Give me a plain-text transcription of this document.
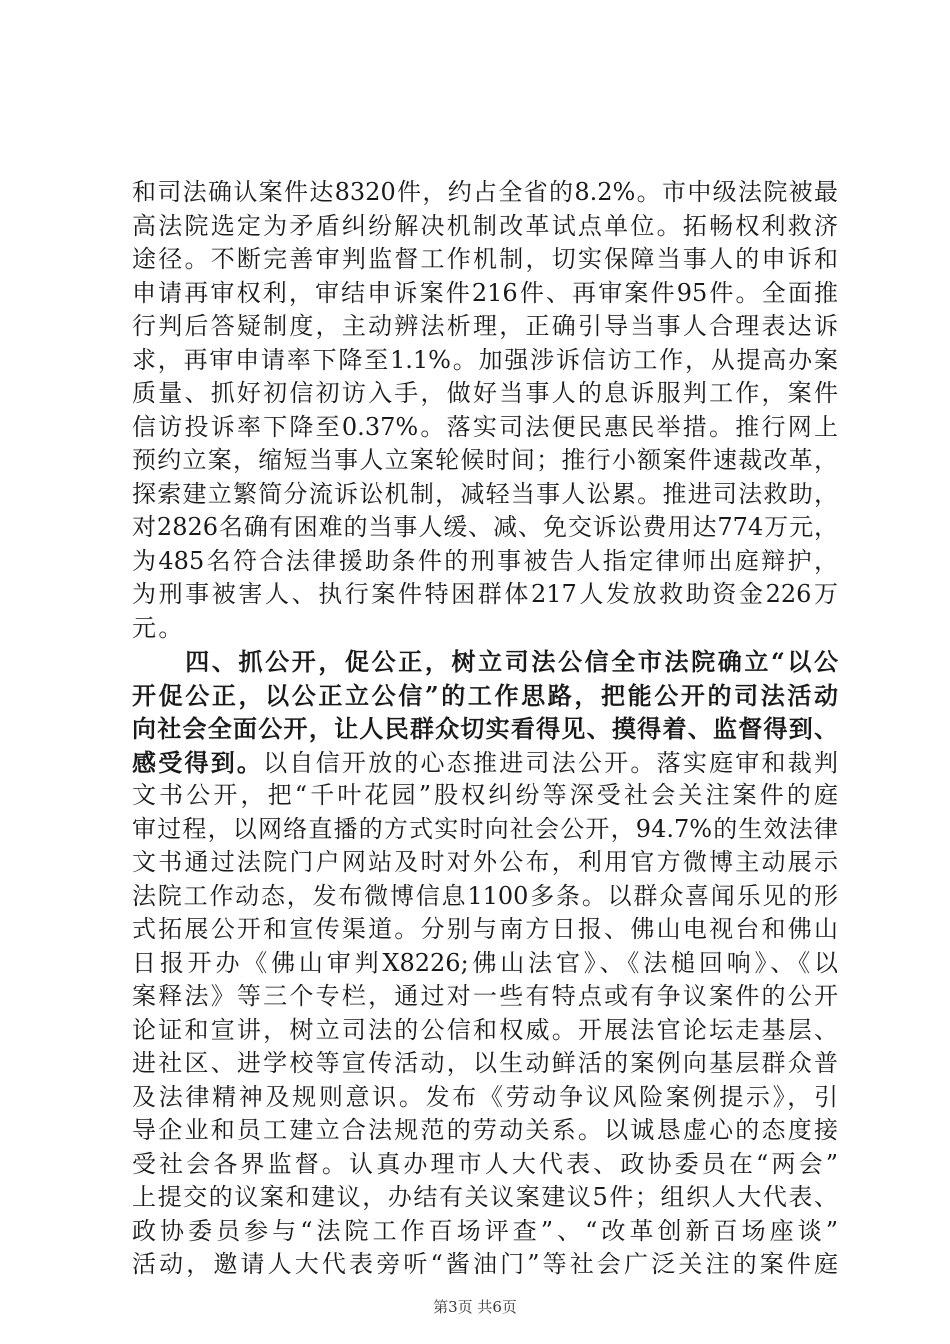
和司法确认案件达8320件，约占全省的8.2%。市中级法院被最
高法院选定为矛盾纠纷解决机制改革试点单位。拓畅权利救济
途径。不断完善审判监督工作机制，切实保障当事人的申诉和
申请再审权利，审结申诉案件216件、再审案件95件。全面推
行判后答疑制度，主动辨法析理，正确引导当事人合理表达诉
求，再审申请率下降至1.1%。加强涉诉信访工作，从提高办案
质量、抓好初信初访入手，做好当事人的息诉服判工作，案件
信访投诉率下降至0.37%。落实司法便民惠民举措。推行网上
预约立案，缩短当事人立案轮候时间；推行小额案件速裁改革，
探索建立繁简分流诉讼机制，减轻当事人讼累。推进司法救助，
对2826名确有困难的当事人缓、减、免交诉讼费用达774万元，
为485名符合法律援助条件的刑事被告人指定律师出庭辩护，
为刑事被害人、执行案件特困群体217人发放救助资金226万
元。
　　四、抓公开，促公正，树立司法公信全市法院确立“以公
开促公正，以公正立公信”的工作思路，把能公开的司法活动
向社会全面公开，让人民群众切实看得见、摸得着、监督得到、
感受得到。以自信开放的心态推进司法公开。落实庭审和裁判
文书公开，把“千叶花园”股权纠纷等深受社会关注案件的庭
审过程，以网络直播的方式实时向社会公开，94.7%的生效法律
文书通过法院门户网站及时对外公布，利用官方微博主动展示
法院工作动态，发布微博信息1100多条。以群众喜闻乐见的形
式拓展公开和宣传渠道。分别与南方日报、佛山电视台和佛山
日报开办《佛山审判X8226;佛山法官》、《法槌回响》、《以
案释法》等三个专栏，通过对一些有特点或有争议案件的公开
论证和宣讲，树立司法的公信和权威。开展法官论坛走基层、
进社区、进学校等宣传活动，以生动鲜活的案例向基层群众普
及法律精神及规则意识。发布《劳动争议风险案例提示》，引
导企业和员工建立合法规范的劳动关系。以诚恳虚心的态度接
受社会各界监督。认真办理市人大代表、政协委员在“两会”
上提交的议案和建议，办结有关议案建议5件；组织人大代表、
政协委员参与“法院工作百场评查”、“改革创新百场座谈”
活动，邀请人大代表旁听“酱油门”等社会广泛关注的案件庭
第3页 共6页
